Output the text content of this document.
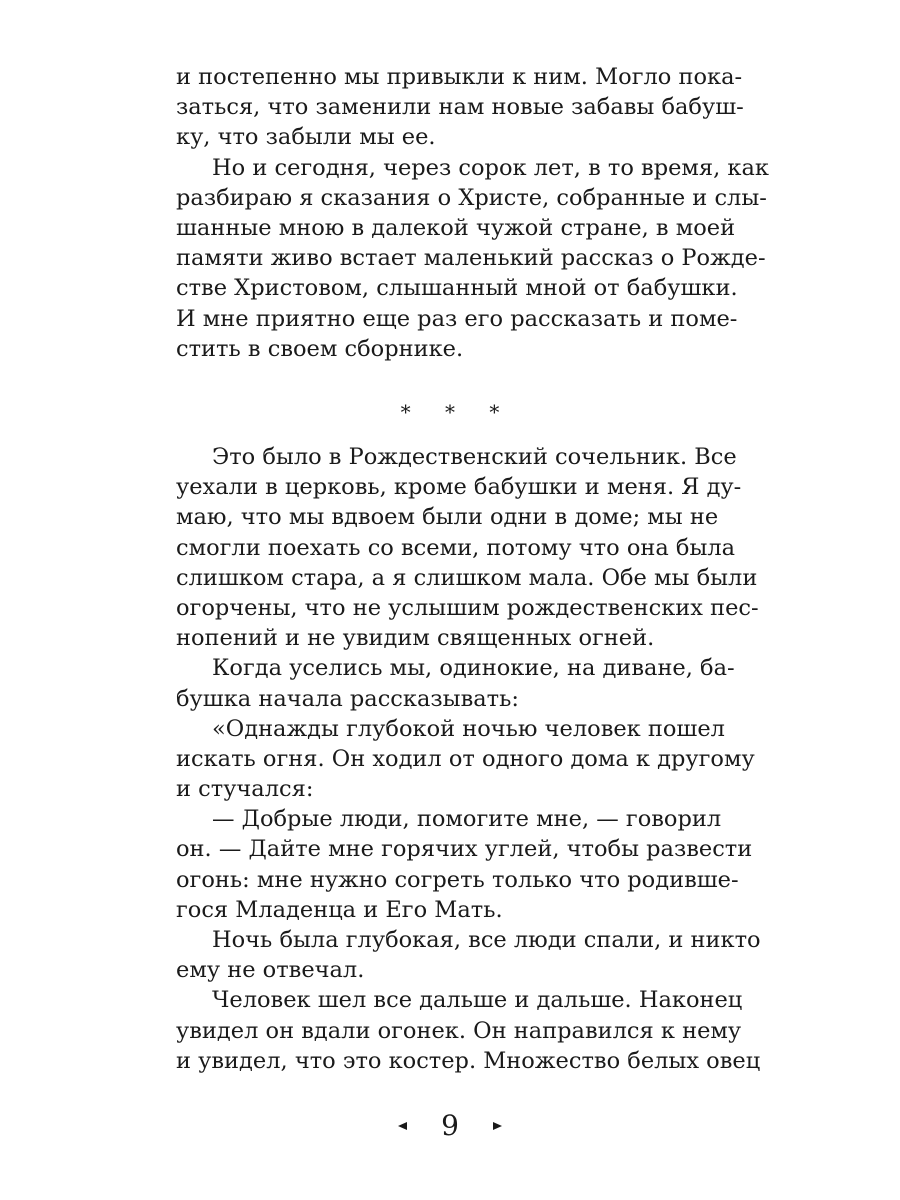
и постепенно мы привыкли к ним. Могло пока-
заться, что заменили нам новые забавы бабуш-
ку, что забыли мы ее.
Но и сегодня, через сорок лет, в то время, как
разбираю я сказания о Христе, собранные и слы-
шанные мною в далекой чужой стране, в моей
памяти живо встает маленький рассказ о Рожде-
стве Христовом, слышанный мной от бабушки.
И мне приятно еще раз его рассказать и поме-
стить в своем сборнике.
* * *
Это было в Рождественский сочельник. Все
уехали в церковь, кроме бабушки и меня. Я ду-
маю, что мы вдвоем были одни в доме; мы не
смогли поехать со всеми, потому что она была
слишком стара, а я слишком мала. Обе мы были
огорчены, что не услышим рождественских пес-
нопений и не увидим священных огней.
Когда уселись мы, одинокие, на диване, ба-
бушка начала рассказывать:
«Однажды глубокой ночью человек пошел
искать огня. Он ходил от одного дома к другому
и стучался:
— Добрые люди, помогите мне, — говорил
он. — Дайте мне горячих углей, чтобы развести
огонь: мне нужно согреть только что родивше-
гося Младенца и Его Мать.
Ночь была глубокая, все люди спали, и никто
ему не отвечал.
Человек шел все дальше и дальше. Наконец
увидел он вдали огонек. Он направился к нему
и увидел, что это костер. Множество белых овец
9
